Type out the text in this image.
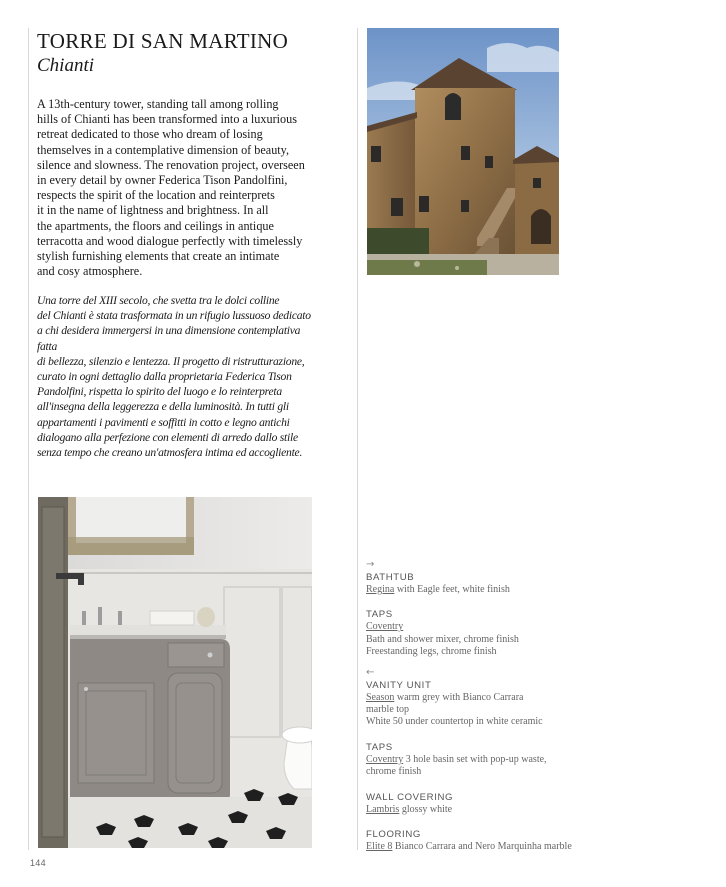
TORRE DI SAN MARTINO
Chianti

A 13th-century tower, standing tall among rolling
hills of Chianti has been transformed into a luxurious
retreat dedicated to those who dream of losing
themselves in a contemplative dimension of beauty,
silence and slowness. The renovation project, overseen
in every detail by owner Federica Tison Pandolfini,
respects the spirit of the location and reinterprets
it in the name of lightness and brightness. In all
the apartments, the floors and ceilings in antique
terracotta and wood dialogue perfectly with timelessly
stylish furnishing elements that create an intimate
and cosy atmosphere.

Una torre del XIII secolo, che svetta tra le dolci colline
del Chianti è stata trasformata in un rifugio lussuoso dedicato
a chi desidera immergersi in una dimensione contemplativa fatta
di bellezza, silenzio e lentezza. Il progetto di ristrutturazione,
curato in ogni dettaglio dalla proprietaria Federica Tison
Pandolfini, rispetta lo spirito del luogo e lo reinterpreta
all'insegna della leggerezza e della luminosità. In tutti gli
appartamenti i pavimenti e soffitti in cotto e legno antichi
dialogano alla perfezione con elementi di arredo dallo stile
senza tempo che creano un'atmosfera intima ed accogliente.

→
BATHTUB
Regina with Eagle feet, white finish
TAPS
Coventry
Bath and shower mixer, chrome finish
Freestanding legs, chrome finish
←
VANITY UNIT
Season warm grey with Bianco Carrara
marble top
White 50 under countertop in white ceramic
TAPS
Coventry 3 hole basin set with pop-up waste,
chrome finish
WALL COVERING
Lambris glossy white
FLOORING
Elite 8 Bianco Carrara and Nero Marquinha marble
144
